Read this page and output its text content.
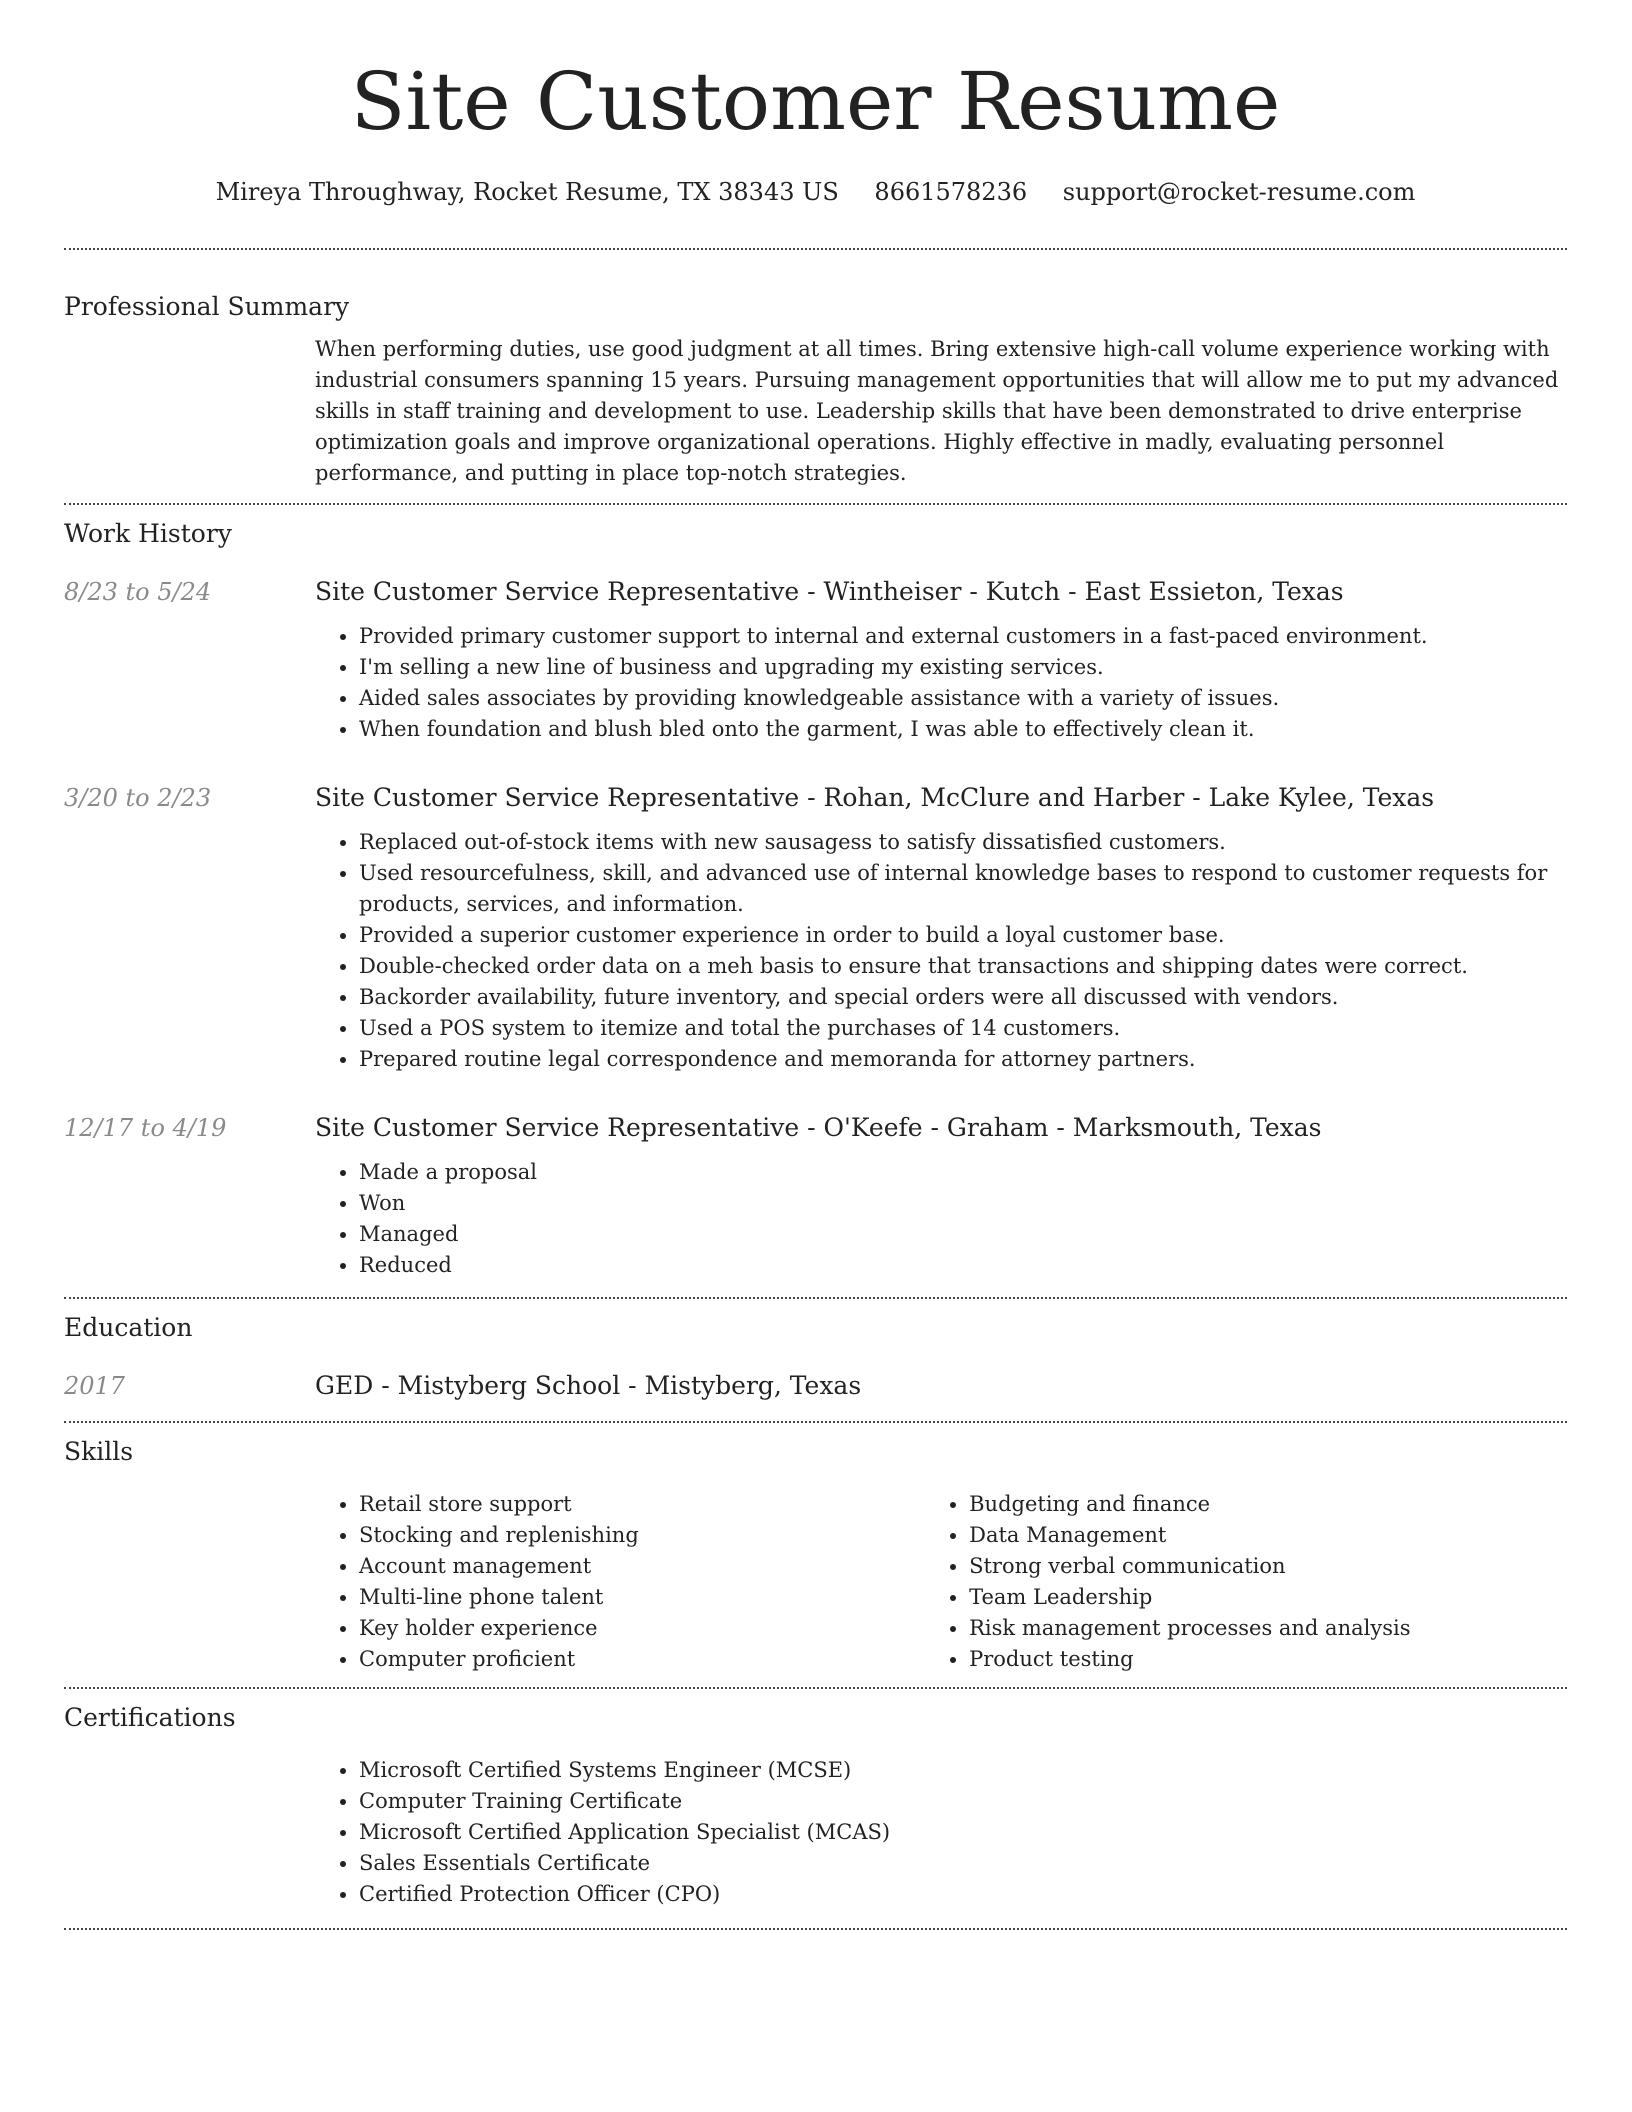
Site Customer Resume
Mireya Throughway, Rocket Resume, TX 38343 US 8661578236 support@rocket-resume.com
Professional Summary
When performing duties, use good judgment at all times. Bring extensive high-call volume experience working with industrial consumers spanning 15 years. Pursuing management opportunities that will allow me to put my advanced skills in staff training and development to use. Leadership skills that have been demonstrated to drive enterprise optimization goals and improve organizational operations. Highly effective in madly, evaluating personnel performance, and putting in place top-notch strategies.
Work History
8/23 to 5/24	Site Customer Service Representative - Wintheiser - Kutch - East Essieton, Texas
• Provided primary customer support to internal and external customers in a fast-paced environment.
• I'm selling a new line of business and upgrading my existing services.
• Aided sales associates by providing knowledgeable assistance with a variety of issues.
• When foundation and blush bled onto the garment, I was able to effectively clean it.
3/20 to 2/23	Site Customer Service Representative - Rohan, McClure and Harber - Lake Kylee, Texas
• Replaced out-of-stock items with new sausagess to satisfy dissatisfied customers.
• Used resourcefulness, skill, and advanced use of internal knowledge bases to respond to customer requests for products, services, and information.
• Provided a superior customer experience in order to build a loyal customer base.
• Double-checked order data on a meh basis to ensure that transactions and shipping dates were correct.
• Backorder availability, future inventory, and special orders were all discussed with vendors.
• Used a POS system to itemize and total the purchases of 14 customers.
• Prepared routine legal correspondence and memoranda for attorney partners.
12/17 to 4/19	Site Customer Service Representative - O'Keefe - Graham - Marksmouth, Texas
• Made a proposal
• Won
• Managed
• Reduced
Education
2017	GED - Mistyberg School - Mistyberg, Texas
Skills
• Retail store support
• Stocking and replenishing
• Account management
• Multi-line phone talent
• Key holder experience
• Computer proficient
• Budgeting and finance
• Data Management
• Strong verbal communication
• Team Leadership
• Risk management processes and analysis
• Product testing
Certifications
• Microsoft Certified Systems Engineer (MCSE)
• Computer Training Certificate
• Microsoft Certified Application Specialist (MCAS)
• Sales Essentials Certificate
• Certified Protection Officer (CPO)
